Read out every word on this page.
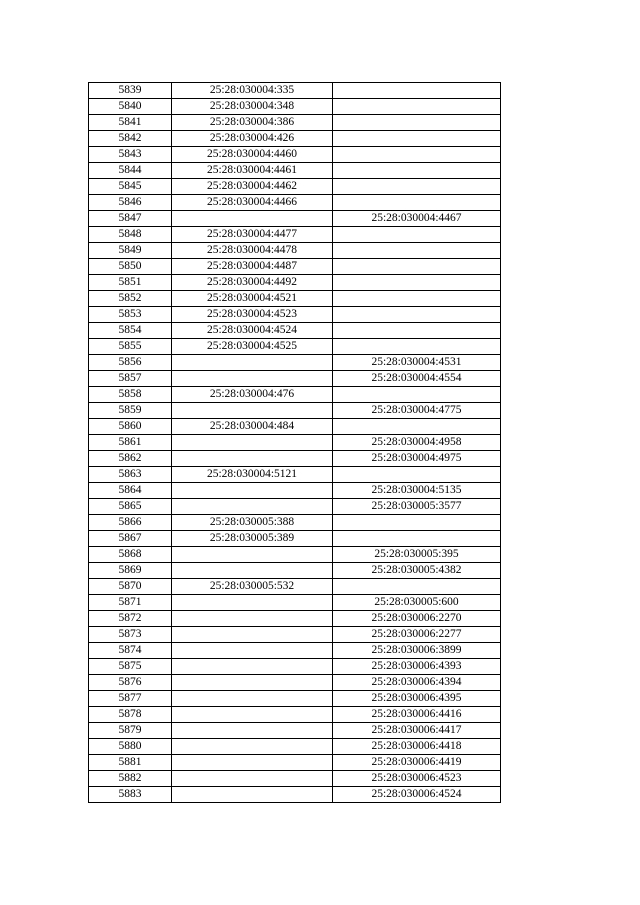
5839	25:28:030004:335	
5840	25:28:030004:348	
5841	25:28:030004:386	
5842	25:28:030004:426	
5843	25:28:030004:4460	
5844	25:28:030004:4461	
5845	25:28:030004:4462	
5846	25:28:030004:4466	
5847		25:28:030004:4467
5848	25:28:030004:4477	
5849	25:28:030004:4478	
5850	25:28:030004:4487	
5851	25:28:030004:4492	
5852	25:28:030004:4521	
5853	25:28:030004:4523	
5854	25:28:030004:4524	
5855	25:28:030004:4525	
5856		25:28:030004:4531
5857		25:28:030004:4554
5858	25:28:030004:476	
5859		25:28:030004:4775
5860	25:28:030004:484	
5861		25:28:030004:4958
5862		25:28:030004:4975
5863	25:28:030004:5121	
5864		25:28:030004:5135
5865		25:28:030005:3577
5866	25:28:030005:388	
5867	25:28:030005:389	
5868		25:28:030005:395
5869		25:28:030005:4382
5870	25:28:030005:532	
5871		25:28:030005:600
5872		25:28:030006:2270
5873		25:28:030006:2277
5874		25:28:030006:3899
5875		25:28:030006:4393
5876		25:28:030006:4394
5877		25:28:030006:4395
5878		25:28:030006:4416
5879		25:28:030006:4417
5880		25:28:030006:4418
5881		25:28:030006:4419
5882		25:28:030006:4523
5883		25:28:030006:4524
